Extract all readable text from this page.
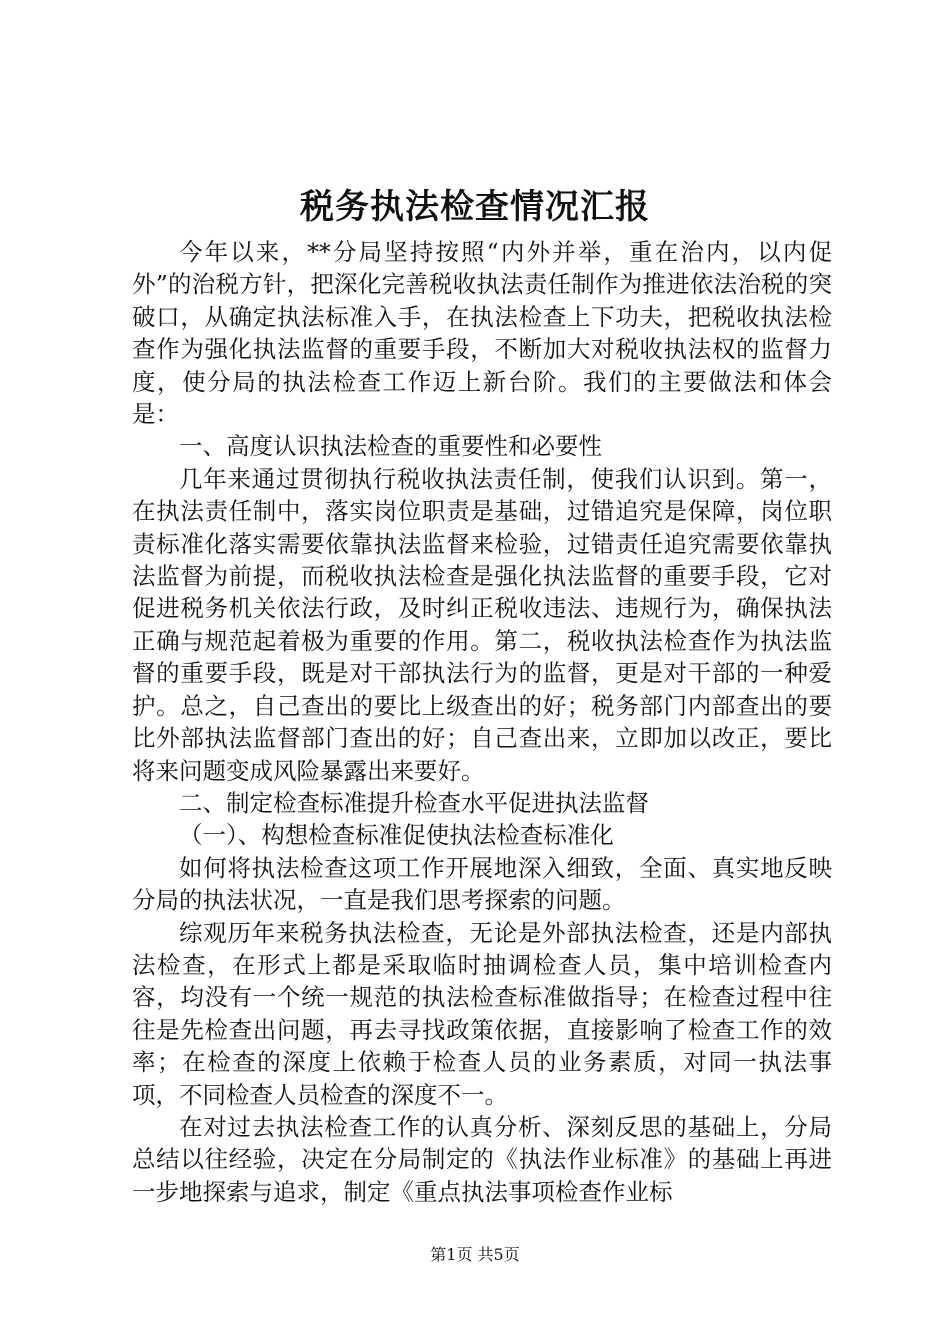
税务执法检查情况汇报

今年以来，**分局坚持按照“内外并举，重在治内，以内促外”的治税方针，把深化完善税收执法责任制作为推进依法治税的突破口，从确定执法标准入手，在执法检查上下功夫，把税收执法检查作为强化执法监督的重要手段，不断加大对税收执法权的监督力度，使分局的执法检查工作迈上新台阶。我们的主要做法和体会是：

一、高度认识执法检查的重要性和必要性

几年来通过贯彻执行税收执法责任制，使我们认识到。第一，在执法责任制中，落实岗位职责是基础，过错追究是保障，岗位职责标准化落实需要依靠执法监督来检验，过错责任追究需要依靠执法监督为前提，而税收执法检查是强化执法监督的重要手段，它对促进税务机关依法行政，及时纠正税收违法、违规行为，确保执法正确与规范起着极为重要的作用。第二，税收执法检查作为执法监督的重要手段，既是对干部执法行为的监督，更是对干部的一种爱护。总之，自己查出的要比上级查出的好；税务部门内部查出的要比外部执法监督部门查出的好；自己查出来，立即加以改正，要比将来问题变成风险暴露出来要好。

二、制定检查标准提升检查水平促进执法监督

（一）、构想检查标准促使执法检查标准化

如何将执法检查这项工作开展地深入细致，全面、真实地反映分局的执法状况，一直是我们思考探索的问题。

综观历年来税务执法检查，无论是外部执法检查，还是内部执法检查，在形式上都是采取临时抽调检查人员，集中培训检查内容，均没有一个统一规范的执法检查标准做指导；在检查过程中往往是先检查出问题，再去寻找政策依据，直接影响了检查工作的效率；在检查的深度上依赖于检查人员的业务素质，对同一执法事项，不同检查人员检查的深度不一。

在对过去执法检查工作的认真分析、深刻反思的基础上，分局总结以往经验，决定在分局制定的《执法作业标准》的基础上再进一步地探索与追求，制定《重点执法事项检查作业标

第1页 共5页
